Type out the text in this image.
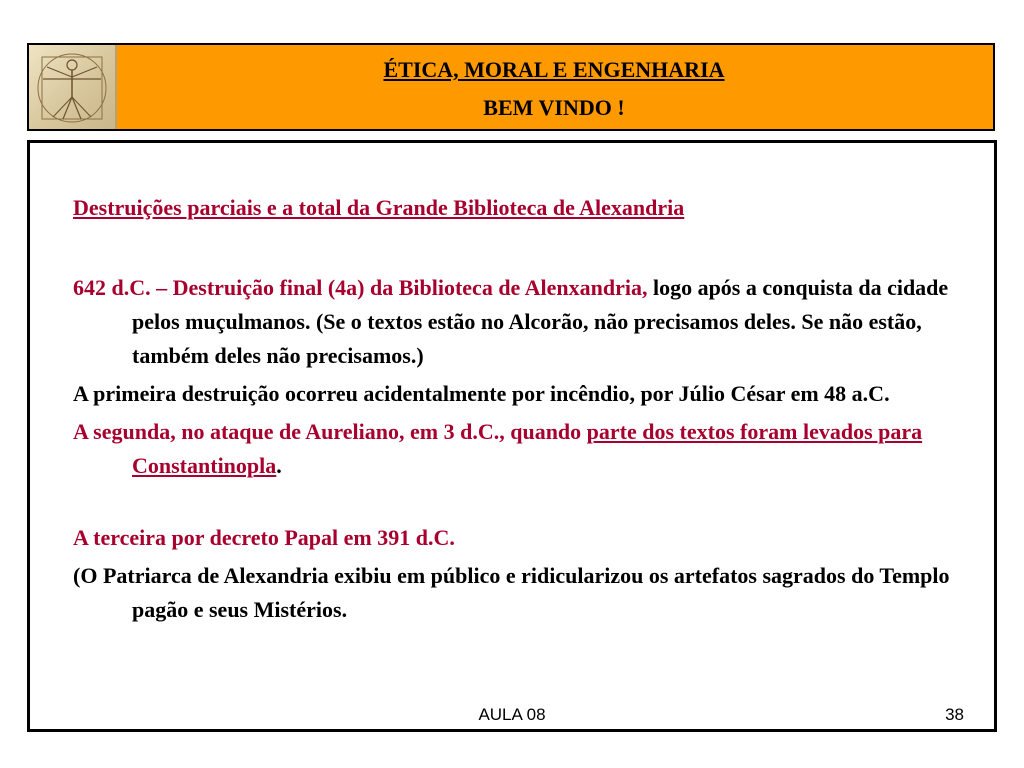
ÉTICA, MORAL E ENGENHARIA
BEM VINDO !

Destruições parciais e a total da Grande Biblioteca de Alexandria

642 d.C. – Destruição final (4a) da Biblioteca de Alenxandria, logo após a conquista da cidade pelos muçulmanos. (Se o textos estão no Alcorão, não precisamos deles. Se não estão, também deles não precisamos.)

A primeira destruição ocorreu acidentalmente por incêndio, por Júlio César em 48 a.C.

A segunda, no ataque de Aureliano, em 3 d.C., quando parte dos textos foram levados para Constantinopla.

A terceira por decreto Papal em 391 d.C.

(O Patriarca de Alexandria exibiu em público e ridicularizou os artefatos sagrados do Templo pagão e seus Mistérios.

AULA 08	38
